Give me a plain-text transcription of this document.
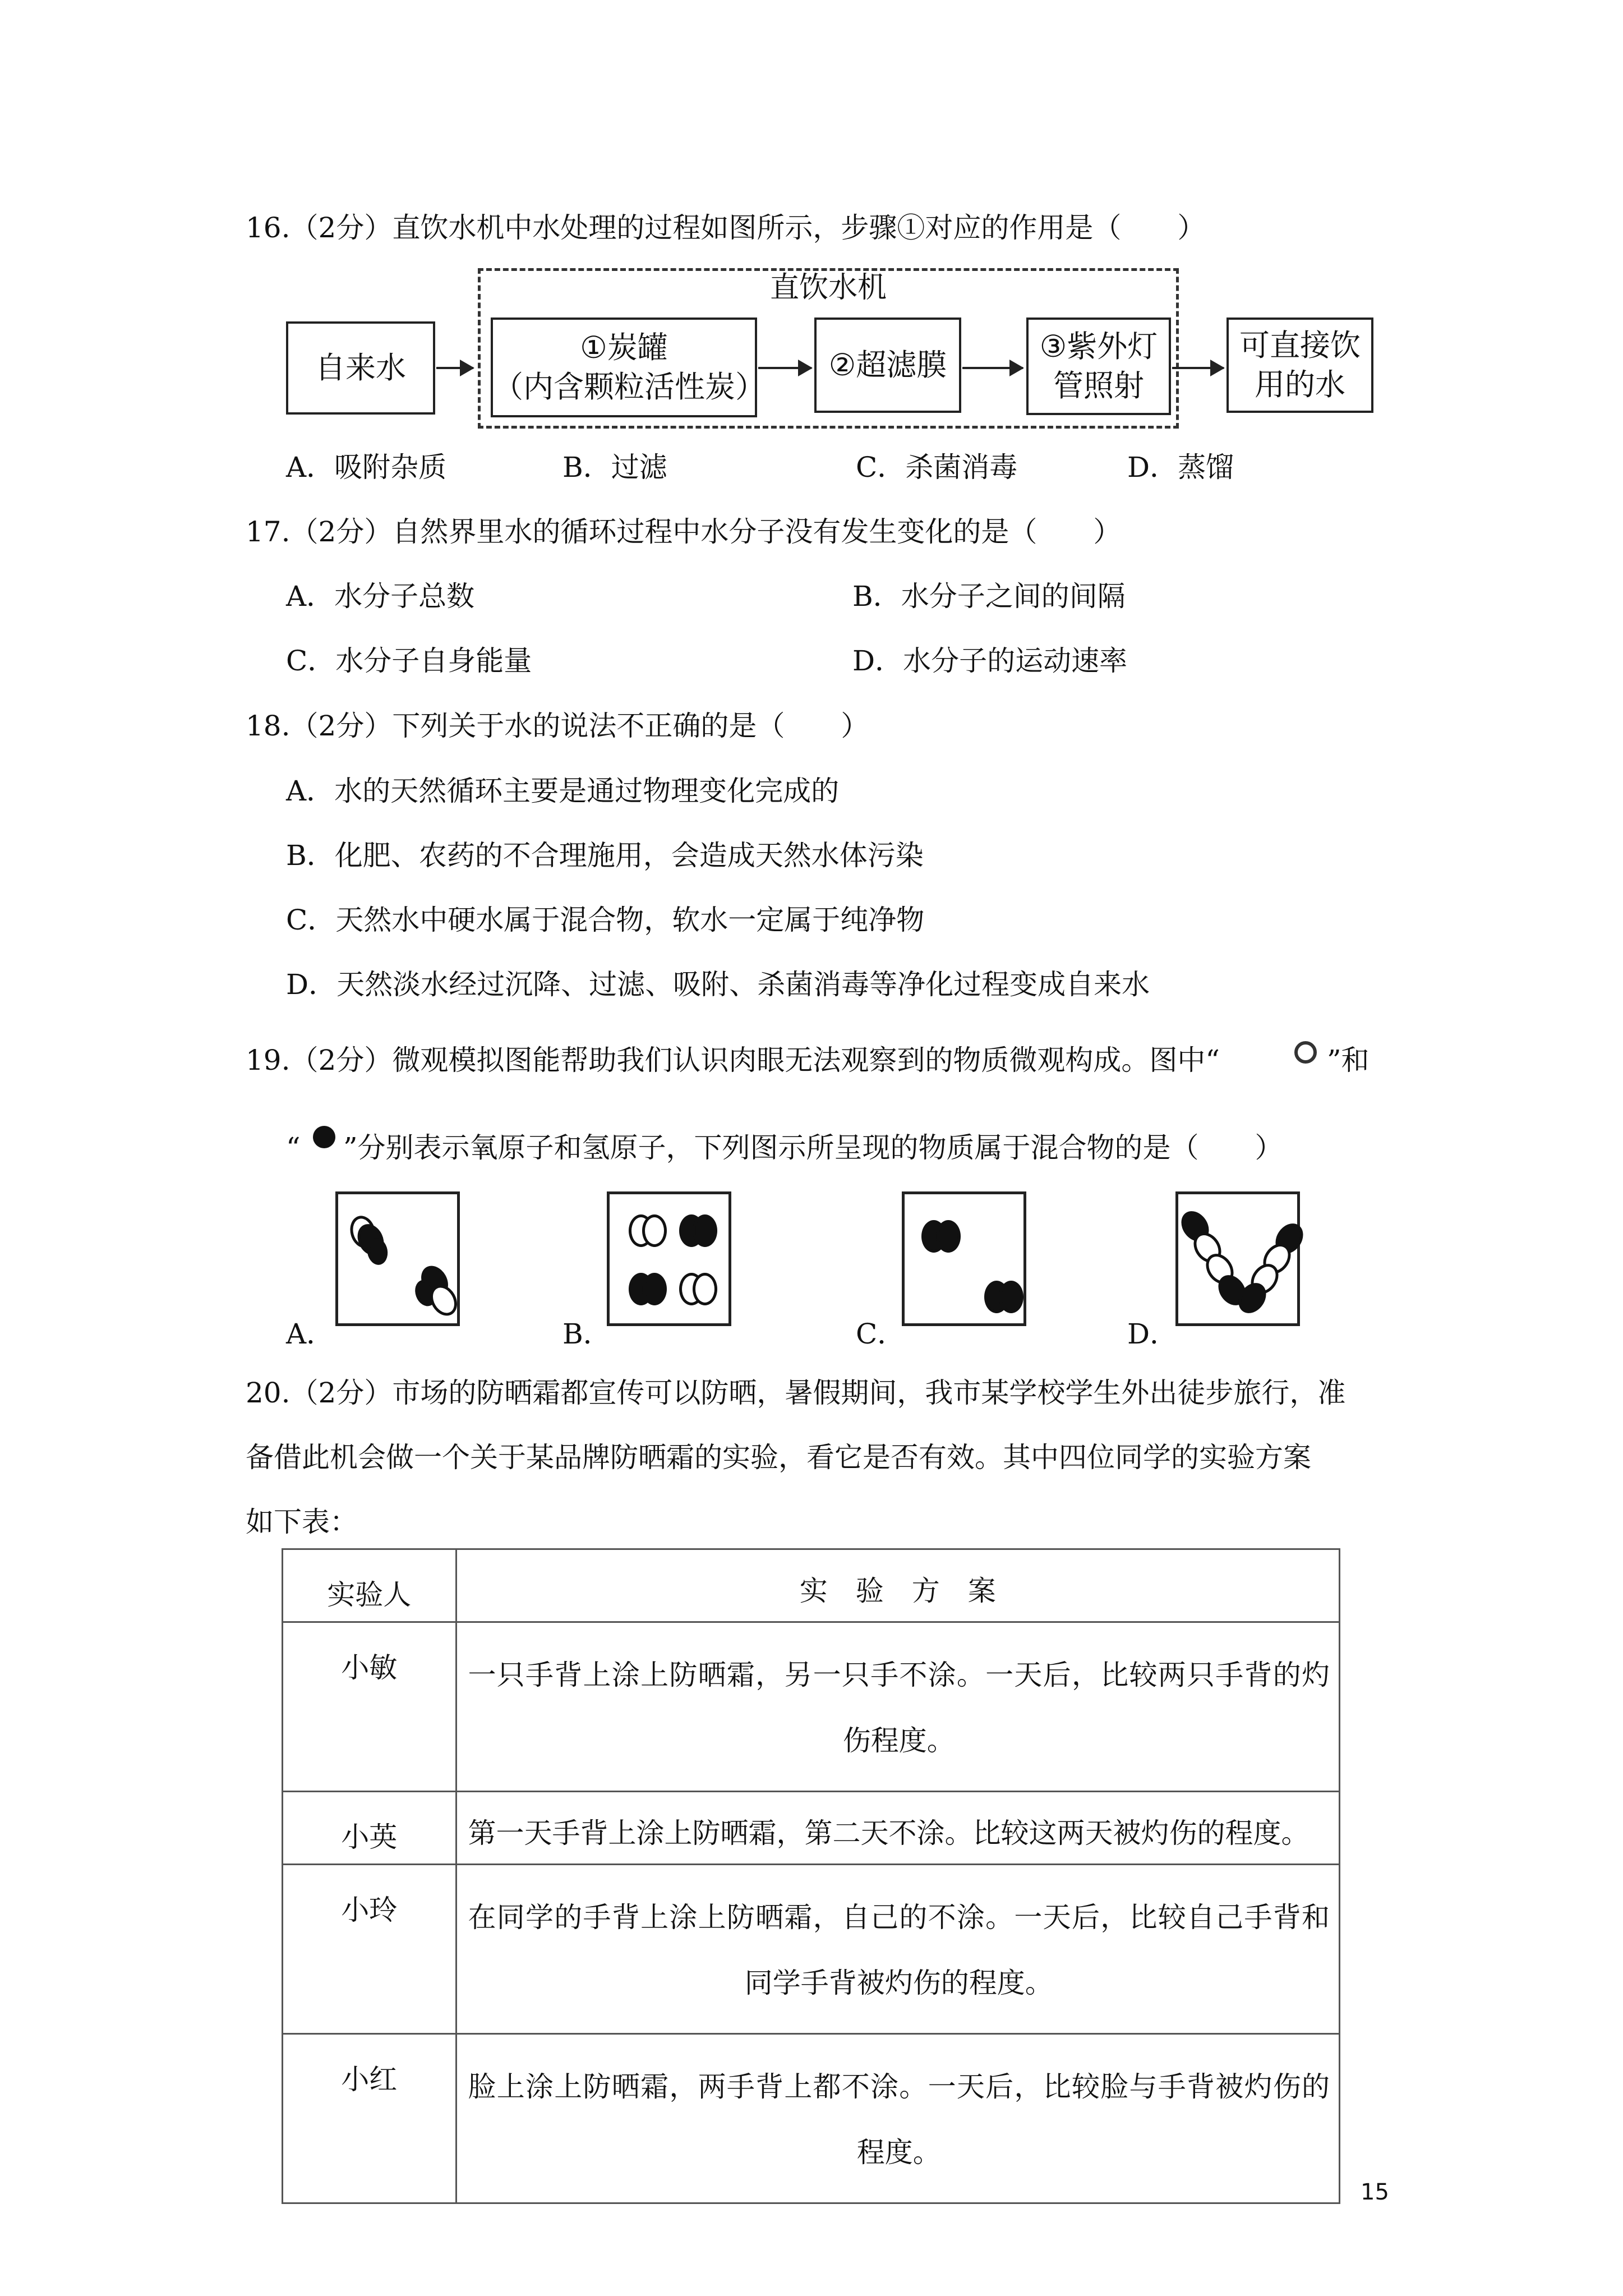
16.（2分）直饮水机中水处理的过程如图所示，步骤①对应的作用是（　　）
直饮水机
自来水
①炭罐
（内含颗粒活性炭）
②超滤膜
③紫外灯
管照射
可直接饮
用的水
A．吸附杂质	B．过滤	C．杀菌消毒	D．蒸馏
17.（2分）自然界里水的循环过程中水分子没有发生变化的是（　　）
A．水分子总数	B．水分子之间的间隔
C．水分子自身能量	D．水分子的运动速率
18.（2分）下列关于水的说法不正确的是（　　）
A．水的天然循环主要是通过物理变化完成的
B．化肥、农药的不合理施用，会造成天然水体污染
C．天然水中硬水属于混合物，软水一定属于纯净物
D．天然淡水经过沉降、过滤、吸附、杀菌消毒等净化过程变成自来水
19.（2分）微观模拟图能帮助我们认识肉眼无法观察到的物质微观构成。图中“	”和
“ ”分别表示氧原子和氢原子，下列图示所呈现的物质属于混合物的是（　　）
A．	B．	C．	D．
20.（2分）市场的防晒霜都宣传可以防晒，暑假期间，我市某学校学生外出徒步旅行，准
备借此机会做一个关于某品牌防晒霜的实验，看它是否有效。其中四位同学的实验方案
如下表：
实验人	实　验　方　案
小敏	一只手背上涂上防晒霜，另一只手不涂。一天后，比较两只手背的灼
伤程度。

小英	第一天手背上涂上防晒霜，第二天不涂。比较这两天被灼伤的程度。
小玲	在同学的手背上涂上防晒霜，自己的不涂。一天后，比较自己手背和
同学手背被灼伤的程度。

小红	脸上涂上防晒霜，两手背上都不涂。一天后，比较脸与手背被灼伤的
程度。
15
